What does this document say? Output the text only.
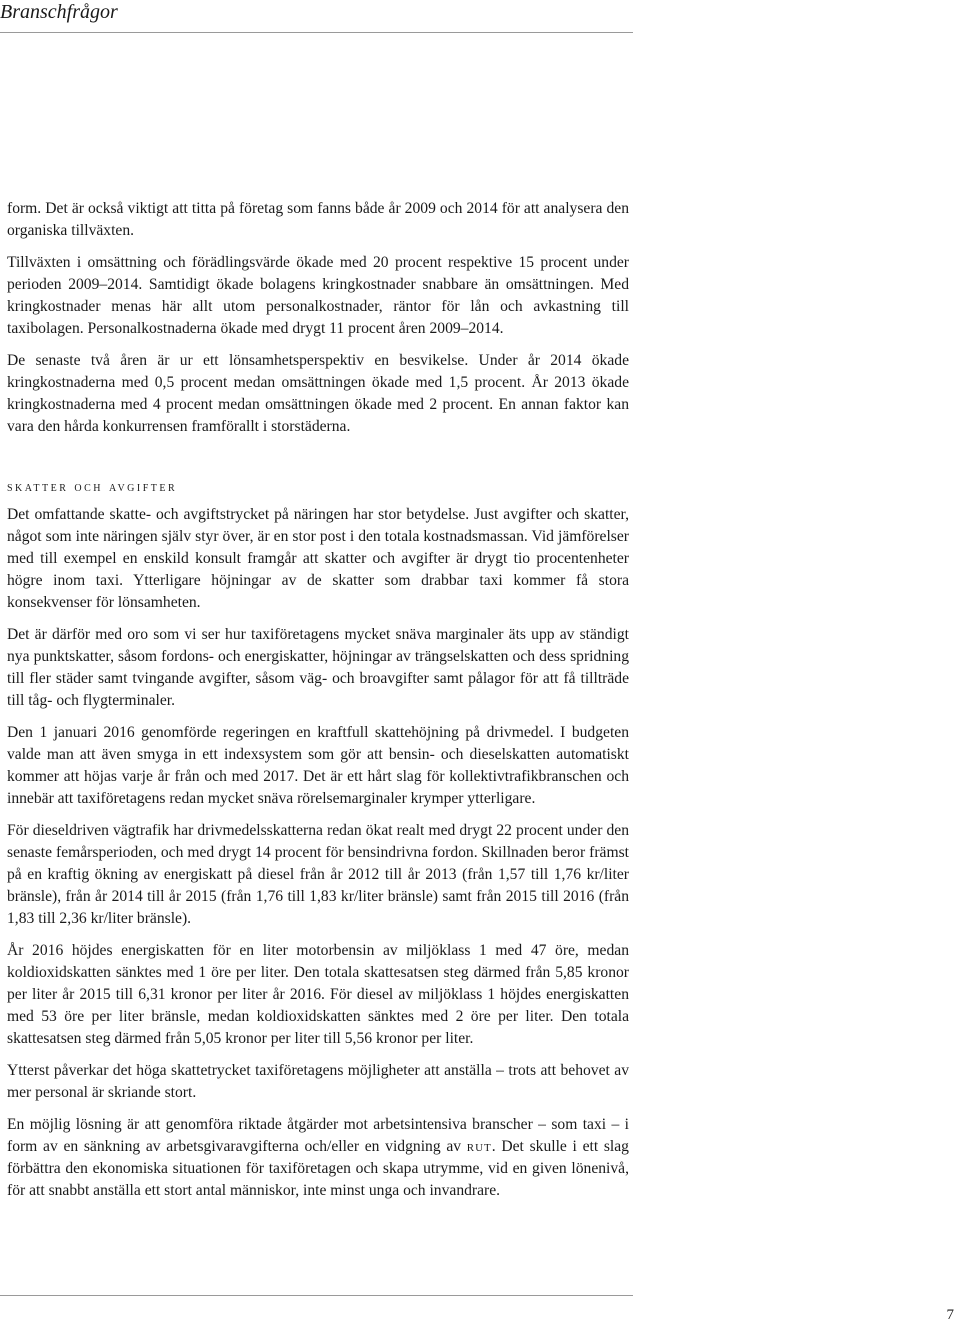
Branschfrågor

form. Det är också viktigt att titta på företag som fanns både år 2009 och 2014 för att analysera den organiska tillväxten.

Tillväxten i omsättning och förädlingsvärde ökade med 20 procent respektive 15 procent under perioden 2009–2014. Samtidigt ökade bolagens kringkostnader snabbare än omsättningen. Med kringkostnader menas här allt utom personalkostnader, räntor för lån och avkastning till taxibolagen. Personalkostnaderna ökade med drygt 11 procent åren 2009–2014.

De senaste två åren är ur ett lönsamhetsperspektiv en besvikelse. Under år 2014 ökade kringkostnaderna med 0,5 procent medan omsättningen ökade med 1,5 procent. År 2013 ökade kringkostnaderna med 4 procent medan omsättningen ökade med 2 procent. En annan faktor kan vara den hårda konkurrensen framförallt i storstäderna.

skatter och avgifter

Det omfattande skatte- och avgiftstrycket på näringen har stor betydelse. Just avgifter och skatter, något som inte näringen själv styr över, är en stor post i den totala kostnadsmassan. Vid jämförelser med till exempel en enskild konsult framgår att skatter och avgifter är drygt tio procentenheter högre inom taxi. Ytterligare höjningar av de skatter som drabbar taxi kommer få stora konsekvenser för lönsamheten.

Det är därför med oro som vi ser hur taxiföretagens mycket snäva marginaler äts upp av ständigt nya punktskatter, såsom fordons- och energiskatter, höjningar av trängselskatten och dess spridning till fler städer samt tvingande avgifter, såsom väg- och broavgifter samt pålagor för att få tillträde till tåg- och flygterminaler.

Den 1 januari 2016 genomförde regeringen en kraftfull skattehöjning på drivmedel. I budgeten valde man att även smyga in ett indexsystem som gör att bensin- och dieselskatten automatiskt kommer att höjas varje år från och med 2017. Det är ett hårt slag för kollektivtrafikbranschen och innebär att taxiföretagens redan mycket snäva rörelsemarginaler krymper ytterligare.

För dieseldriven vägtrafik har drivmedelsskatterna redan ökat realt med drygt 22 procent under den senaste femårsperioden, och med drygt 14 procent för bensindrivna fordon. Skillnaden beror främst på en kraftig ökning av energiskatt på diesel från år 2012 till år 2013 (från 1,57 till 1,76 kr/liter bränsle), från år 2014 till år 2015 (från 1,76 till 1,83 kr/liter bränsle) samt från 2015 till 2016 (från 1,83 till 2,36 kr/liter bränsle).

År 2016 höjdes energiskatten för en liter motorbensin av miljöklass 1 med 47 öre, medan koldioxidskatten sänktes med 1 öre per liter. Den totala skattesatsen steg därmed från 5,85 kronor per liter år 2015 till 6,31 kronor per liter år 2016. För diesel av miljöklass 1 höjdes energiskatten med 53 öre per liter bränsle, medan koldioxidskatten sänktes med 2 öre per liter. Den totala skattesatsen steg därmed från 5,05 kronor per liter till 5,56 kronor per liter.

Ytterst påverkar det höga skattetrycket taxiföretagens möjligheter att anställa – trots att behovet av mer personal är skriande stort.

En möjlig lösning är att genomföra riktade åtgärder mot arbetsintensiva branscher – som taxi – i form av en sänkning av arbetsgivaravgifterna och/eller en vidgning av rut. Det skulle i ett slag förbättra den ekonomiska situationen för taxiföretagen och skapa utrymme, vid en given lönenivå, för att snabbt anställa ett stort antal människor, inte minst unga och invandrare.

7
